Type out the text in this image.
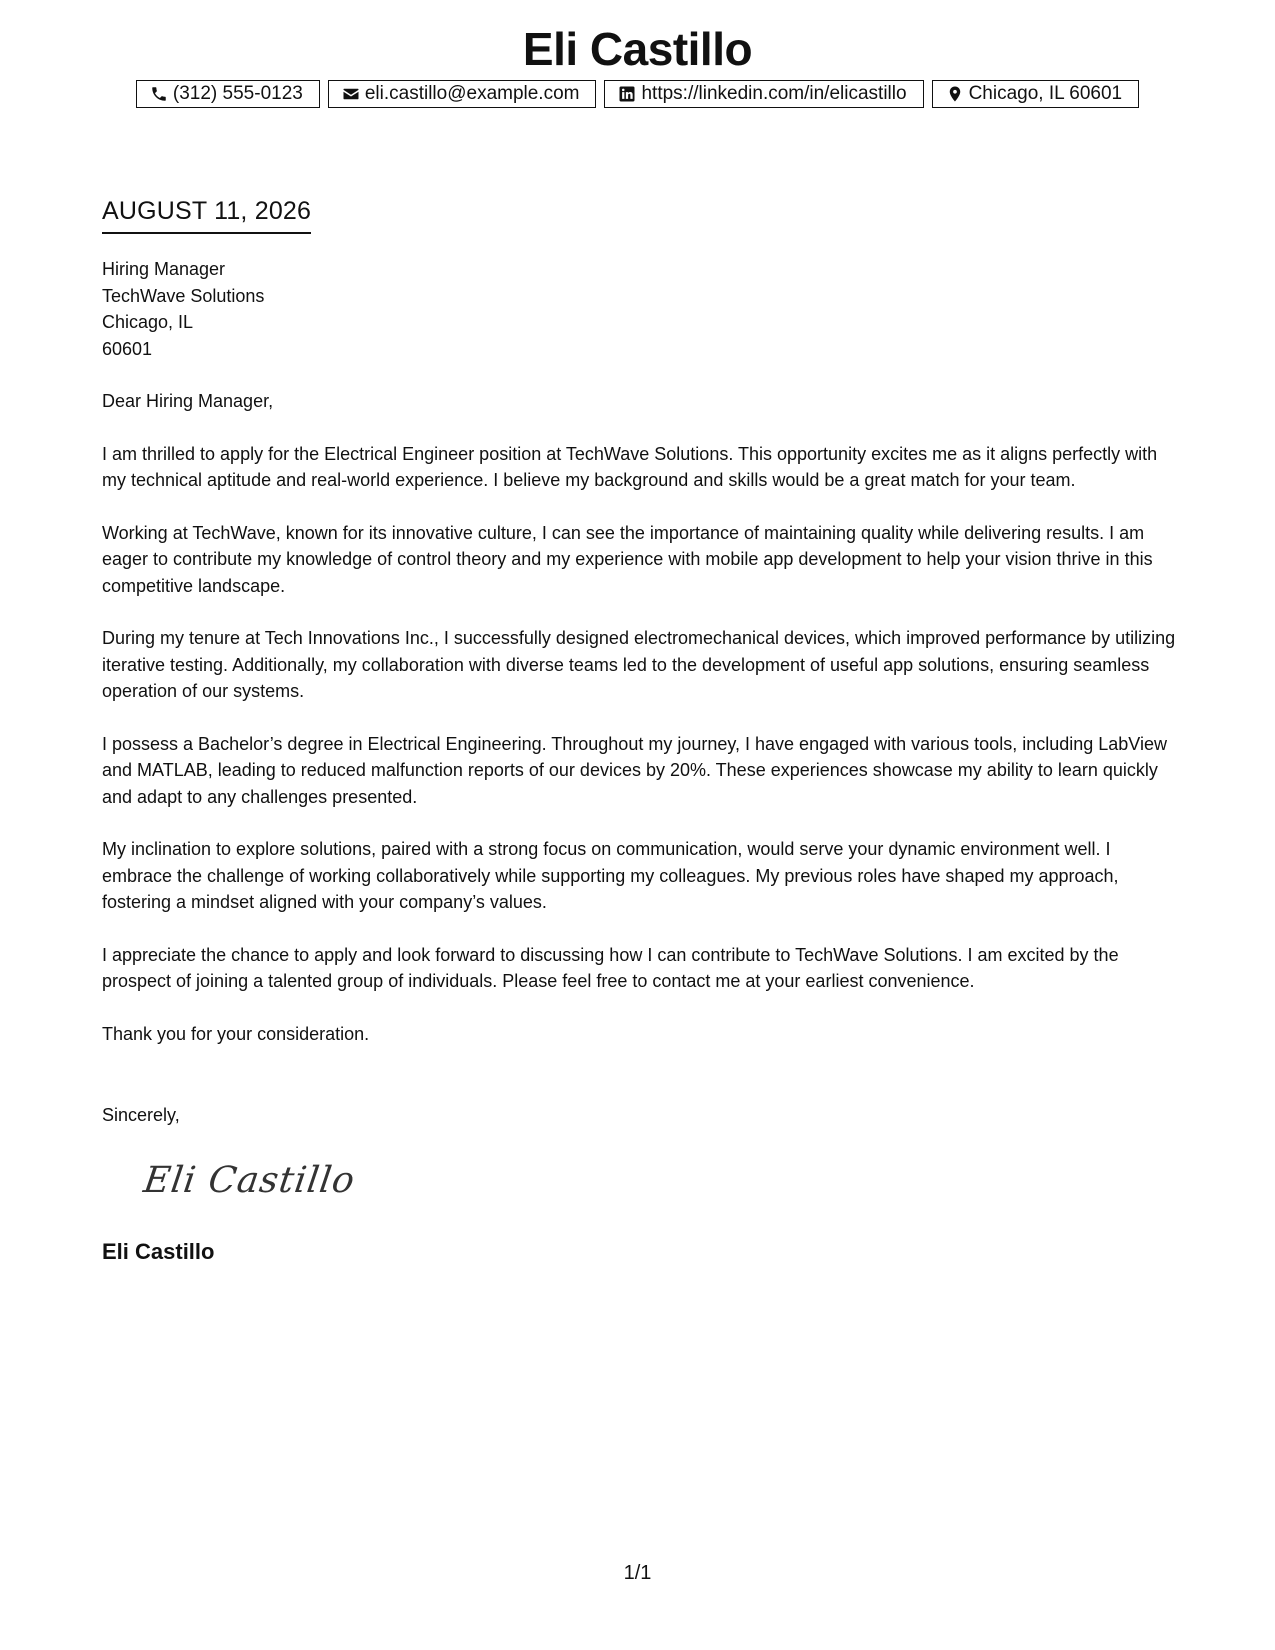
Eli Castillo
(312) 555-0123	eli.castillo@example.com	https://linkedin.com/in/elicastillo	Chicago, IL 60601
AUGUST 11, 2026
Hiring Manager
TechWave Solutions
Chicago, IL
60601

Dear Hiring Manager,

I am thrilled to apply for the Electrical Engineer position at TechWave Solutions. This opportunity excites me as it aligns perfectly with my technical aptitude and real-world experience. I believe my background and skills would be a great match for your team.

Working at TechWave, known for its innovative culture, I can see the importance of maintaining quality while delivering results. I am eager to contribute my knowledge of control theory and my experience with mobile app development to help your vision thrive in this competitive landscape.

During my tenure at Tech Innovations Inc., I successfully designed electromechanical devices, which improved performance by utilizing iterative testing. Additionally, my collaboration with diverse teams led to the development of useful app solutions, ensuring seamless operation of our systems.

I possess a Bachelor’s degree in Electrical Engineering. Throughout my journey, I have engaged with various tools, including LabView and MATLAB, leading to reduced malfunction reports of our devices by 20%. These experiences showcase my ability to learn quickly and adapt to any challenges presented.

My inclination to explore solutions, paired with a strong focus on communication, would serve your dynamic environment well. I embrace the challenge of working collaboratively while supporting my colleagues. My previous roles have shaped my approach, fostering a mindset aligned with your company’s values.

I appreciate the chance to apply and look forward to discussing how I can contribute to TechWave Solutions. I am excited by the prospect of joining a talented group of individuals. Please feel free to contact me at your earliest convenience.

Thank you for your consideration.

Sincerely,
Eli Castillo
Eli Castillo
1/1
